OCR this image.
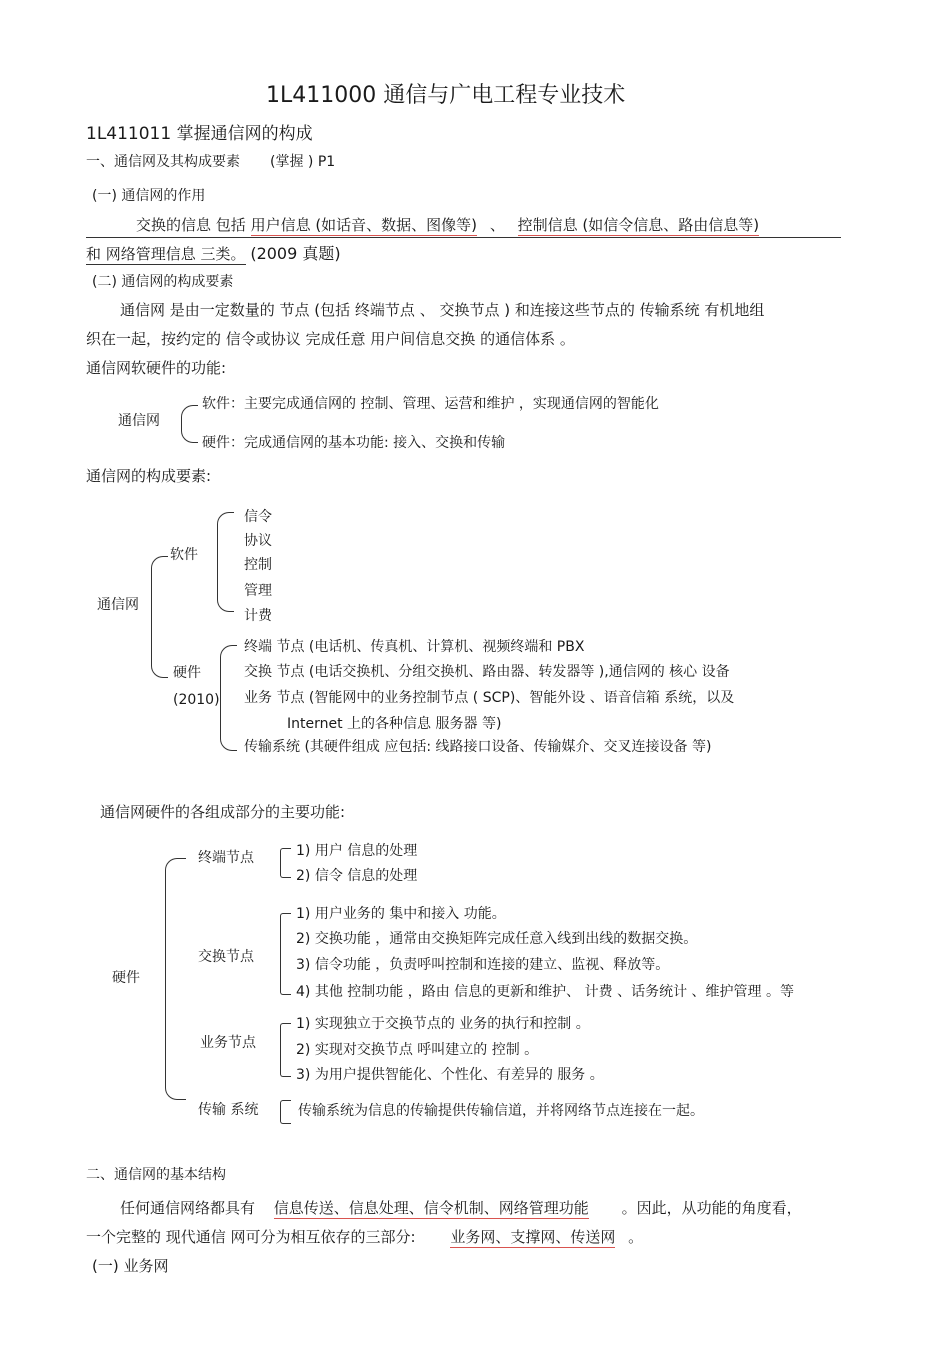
1L411000 通信与广电工程专业技术
1L411011 掌握通信网的构成
一、通信网及其构成要素 (掌握 ) P1
(一) 通信网的作用
交换的信息 包括 用户信息 (如话音、数据、图像等) 、 控制信息 (如信令信息、路由信息等)
和 网络管理信息 三类。 (2009 真题)
(二) 通信网的构成要素
通信网 是由一定数量的 节点 (包括 终端节点 、 交换节点 ) 和连接这些节点的 传输系统 有机地组
织在一起，按约定的 信令或协议 完成任意 用户间信息交换 的通信体系 。
通信网软硬件的功能:
通信网
软件：主要完成通信网的 控制、管理、运营和维护 ，实现通信网的智能化
硬件：完成通信网的基本功能: 接入、交换和传输
通信网的构成要素:
通信网
软件
信令
协议
控制
管理
计费
硬件
(2010)
终端 节点 (电话机、传真机、计算机、视频终端和 PBX
交换 节点 (电话交换机、分组交换机、路由器、转发器等 ),通信网的 核心 设备
业务 节点 (智能网中的业务控制节点 ( SCP)、智能外设 、语音信箱 系统，以及
Internet 上的各种信息 服务器 等)
传输系统 (其硬件组成 应包括: 线路接口设备、传输媒介、交叉连接设备 等)
通信网硬件的各组成部分的主要功能:
硬件
终端节点	1) 用户 信息的处理
2) 信令 信息的处理
交换节点
1) 用户业务的 集中和接入 功能。
2) 交换功能 ，通常由交换矩阵完成任意入线到出线的数据交换。
3) 信令功能 ，负责呼叫控制和连接的建立、监视、释放等。
4) 其他 控制功能 ，路由 信息的更新和维护、 计费 、话务统计 、维护管理 。等
业务节点
1) 实现独立于交换节点的 业务的执行和控制 。
2) 实现对交换节点 呼叫建立的 控制 。
3) 为用户提供智能化、个性化、有差异的 服务 。
传输 系统	传输系统为信息的传输提供传输信道，并将网络节点连接在一起。
二、通信网的基本结构
任何通信网络都具有 信息传送、信息处理、信令机制、网络管理功能 。因此，从功能的角度看，
一个完整的 现代通信 网可分为相互依存的三部分: 业务网、支撑网、传送网 。
(一) 业务网
